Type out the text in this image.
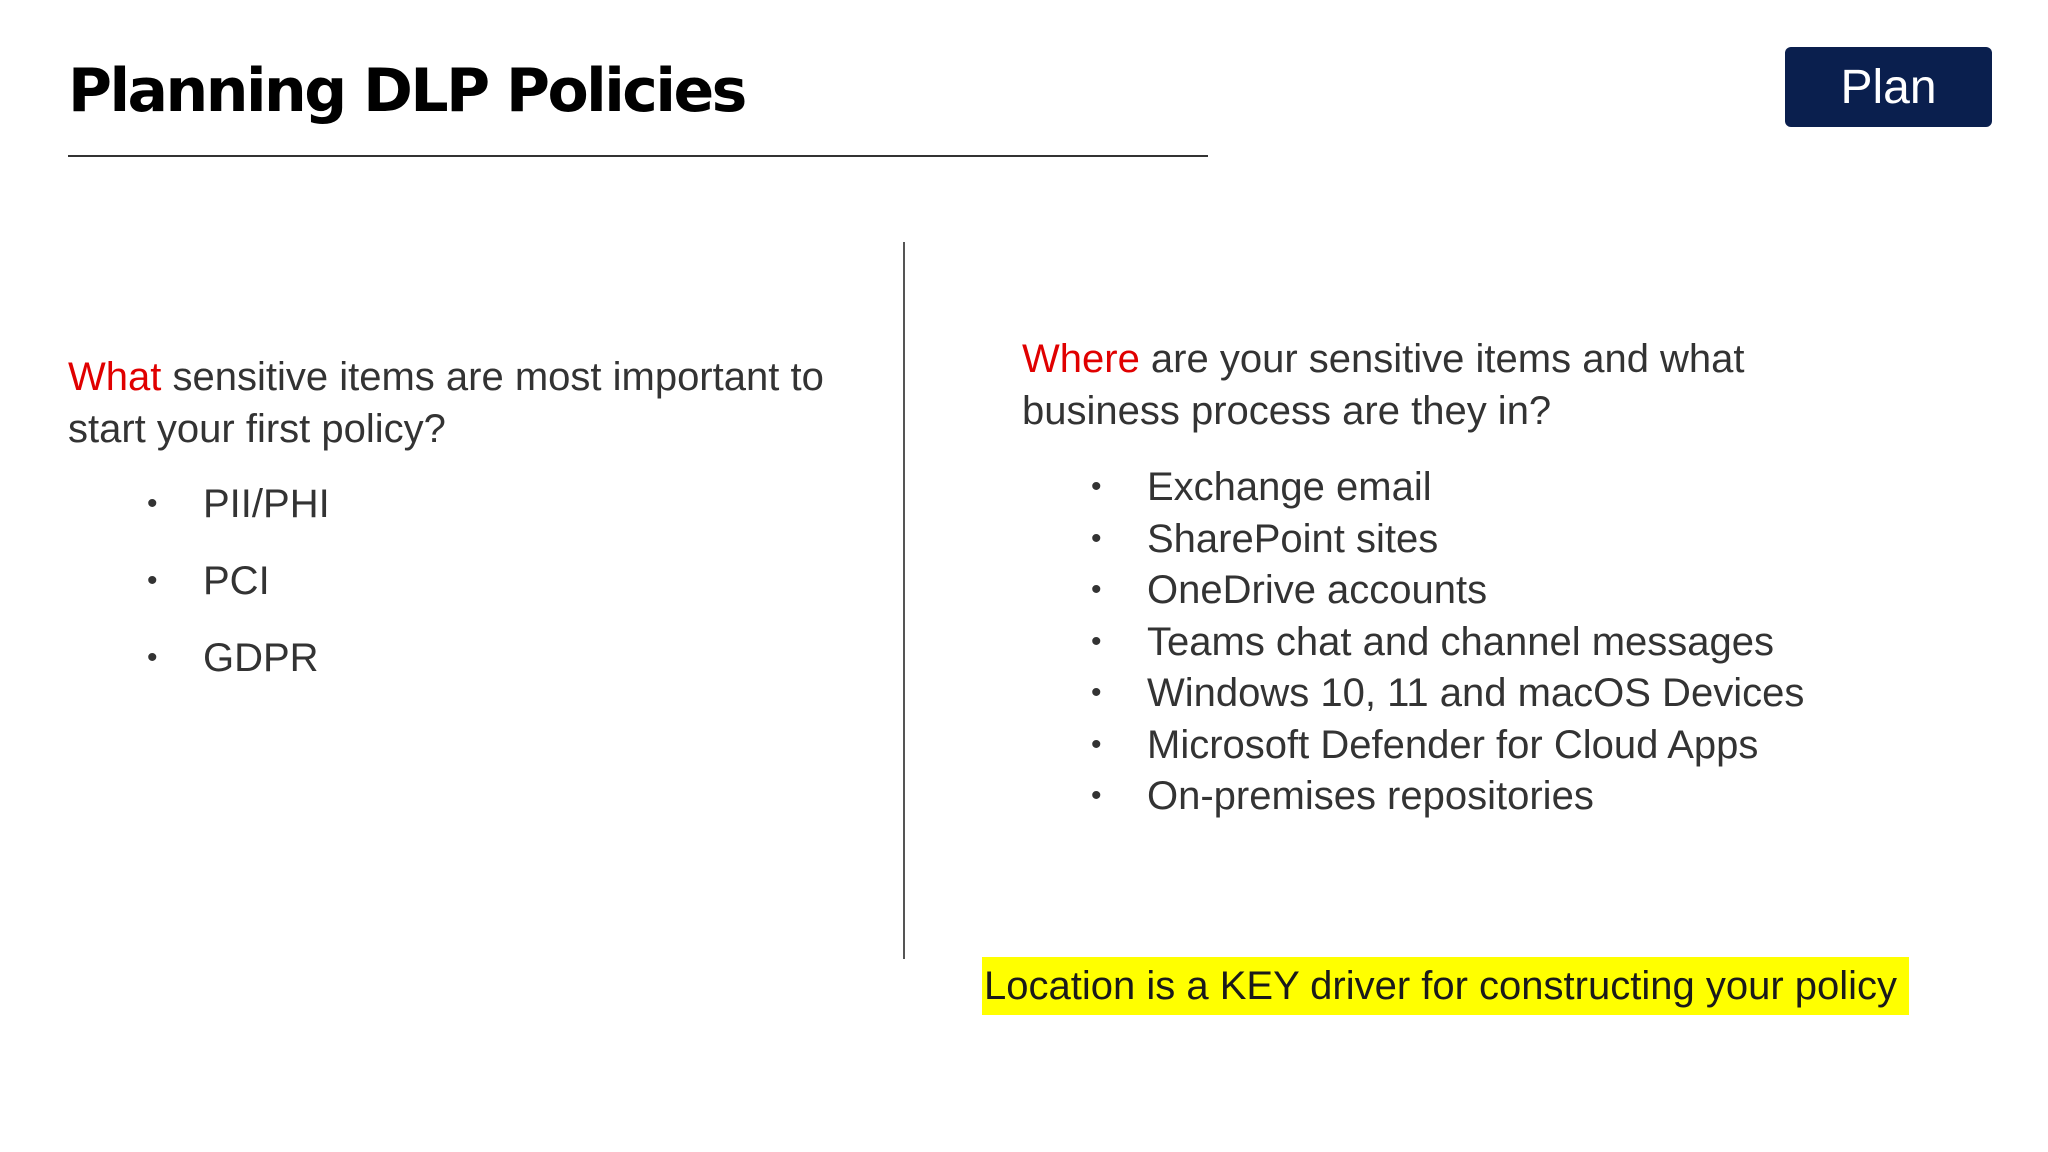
Planning DLP Policies	Plan

What sensitive items are most important to start your first policy?

• PII/PHI
• PCI
• GDPR

Where are your sensitive items and what business process are they in?

• Exchange email
• SharePoint sites
• OneDrive accounts
• Teams chat and channel messages
• Windows 10, 11 and macOS Devices
• Microsoft Defender for Cloud Apps
• On-premises repositories
Location is a KEY driver for constructing your policy
